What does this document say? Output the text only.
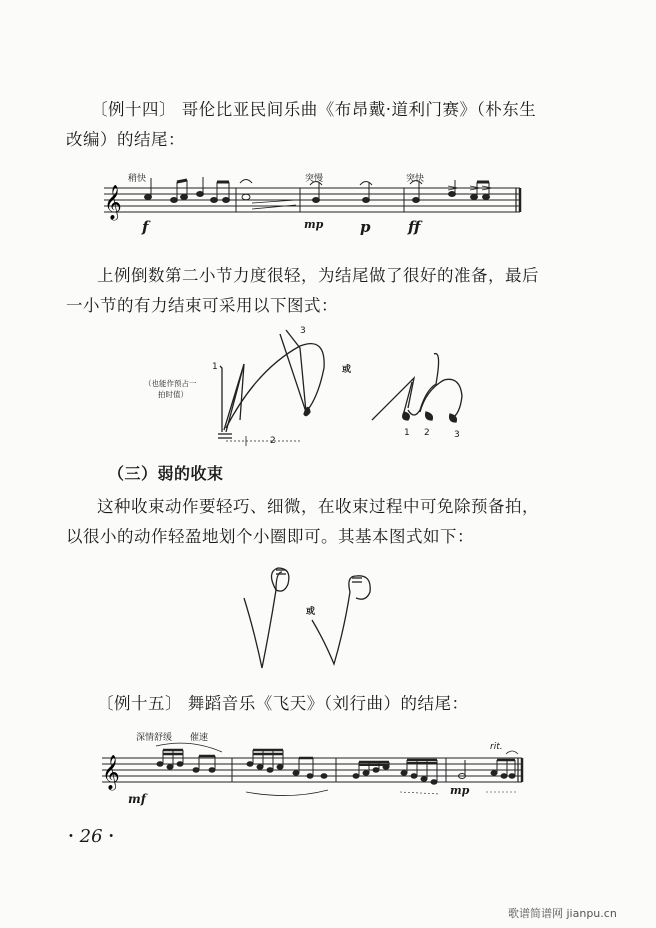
〔例十四〕 哥伦比亚民间乐曲《布昂戴·道利门赛》（朴东生
改编）的结尾：
稍快	突慢	突快
𝄞
f	mp p	ff
上例倒数第二小节力度很轻，为结尾做了很好的准备，最后
一小节的有力结束可采用以下图式：
1
2
3
（也能作预占一
拍时值）
或
1 2	3
（三）弱的收束
这种收束动作要轻巧、细微，在收束过程中可免除预备拍，
以很小的动作轻盈地划个小圈即可。其基本图式如下：
或
〔例十五〕 舞蹈音乐《飞天》（刘行曲）的结尾：
深情舒缓 催速
rit.
𝄞
mf
mp
• 26 •
歌谱简谱网 jianpu.cn
